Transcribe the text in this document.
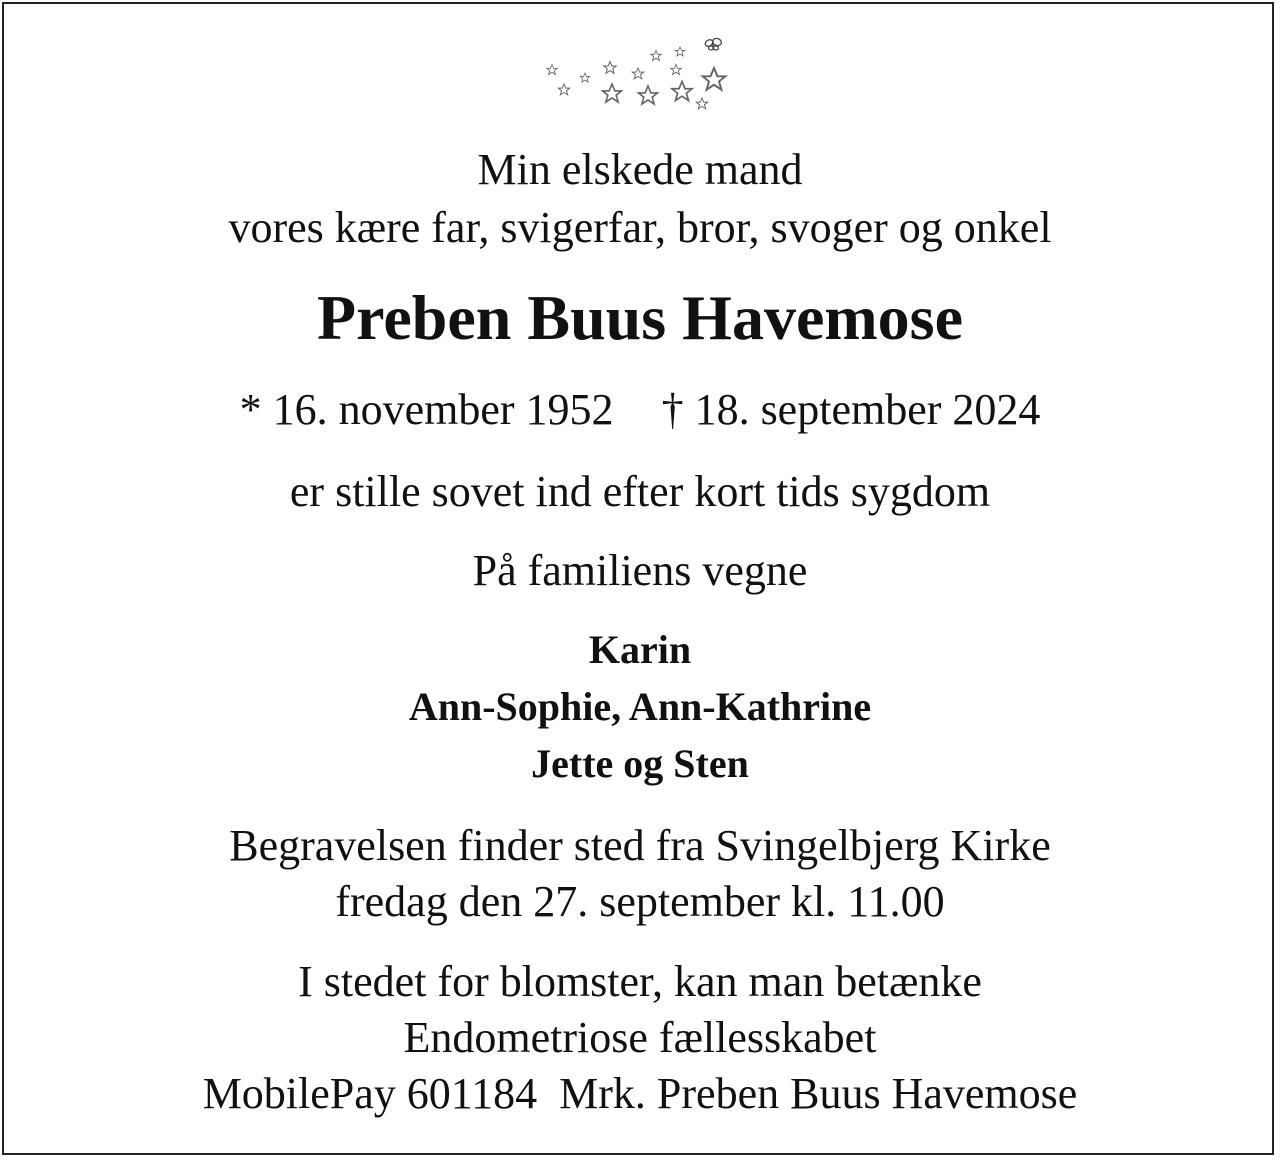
Min elskede mand
vores kære far, svigerfar, bror, svoger og onkel
Preben Buus Havemose
* 16. november 1952 † 18. september 2024
er stille sovet ind efter kort tids sygdom
På familiens vegne
Karin
Ann-Sophie, Ann-Kathrine
Jette og Sten
Begravelsen finder sted fra Svingelbjerg Kirke
fredag den 27. september kl. 11.00
I stedet for blomster, kan man betænke
Endometriose fællesskabet
MobilePay 601184  Mrk. Preben Buus Havemose
